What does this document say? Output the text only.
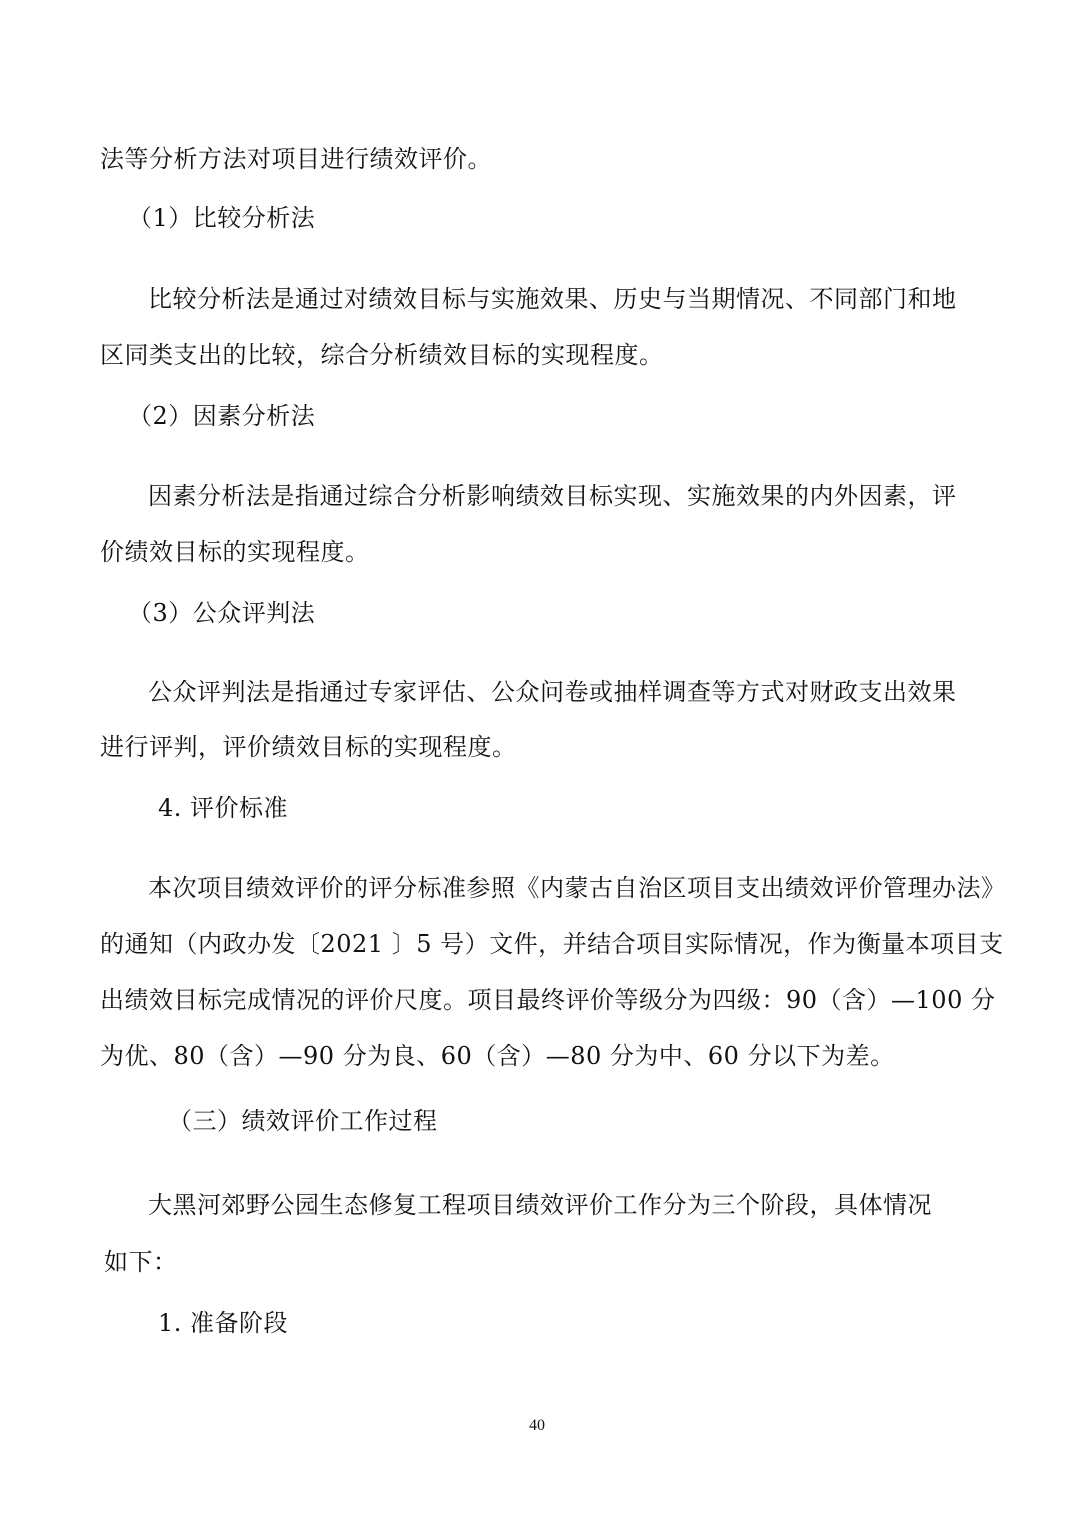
法等分析方法对项目进行绩效评价。
（1）比较分析法
比较分析法是通过对绩效目标与实施效果、历史与当期情况、不同部门和地
区同类支出的比较，综合分析绩效目标的实现程度。
（2）因素分析法
因素分析法是指通过综合分析影响绩效目标实现、实施效果的内外因素，评
价绩效目标的实现程度。
（3）公众评判法
公众评判法是指通过专家评估、公众问卷或抽样调查等方式对财政支出效果
进行评判，评价绩效目标的实现程度。
4. 评价标准
本次项目绩效评价的评分标准参照《内蒙古自治区项目支出绩效评价管理办法》
的通知（内政办发〔2021 〕5 号）文件，并结合项目实际情况，作为衡量本项目支
出绩效目标完成情况的评价尺度。项目最终评价等级分为四级：90（含）—100 分
为优、80（含）—90 分为良、60（含）—80 分为中、60 分以下为差。
（三）绩效评价工作过程
大黑河郊野公园生态修复工程项目绩效评价工作分为三个阶段，具体情况
如下：
1. 准备阶段
40
